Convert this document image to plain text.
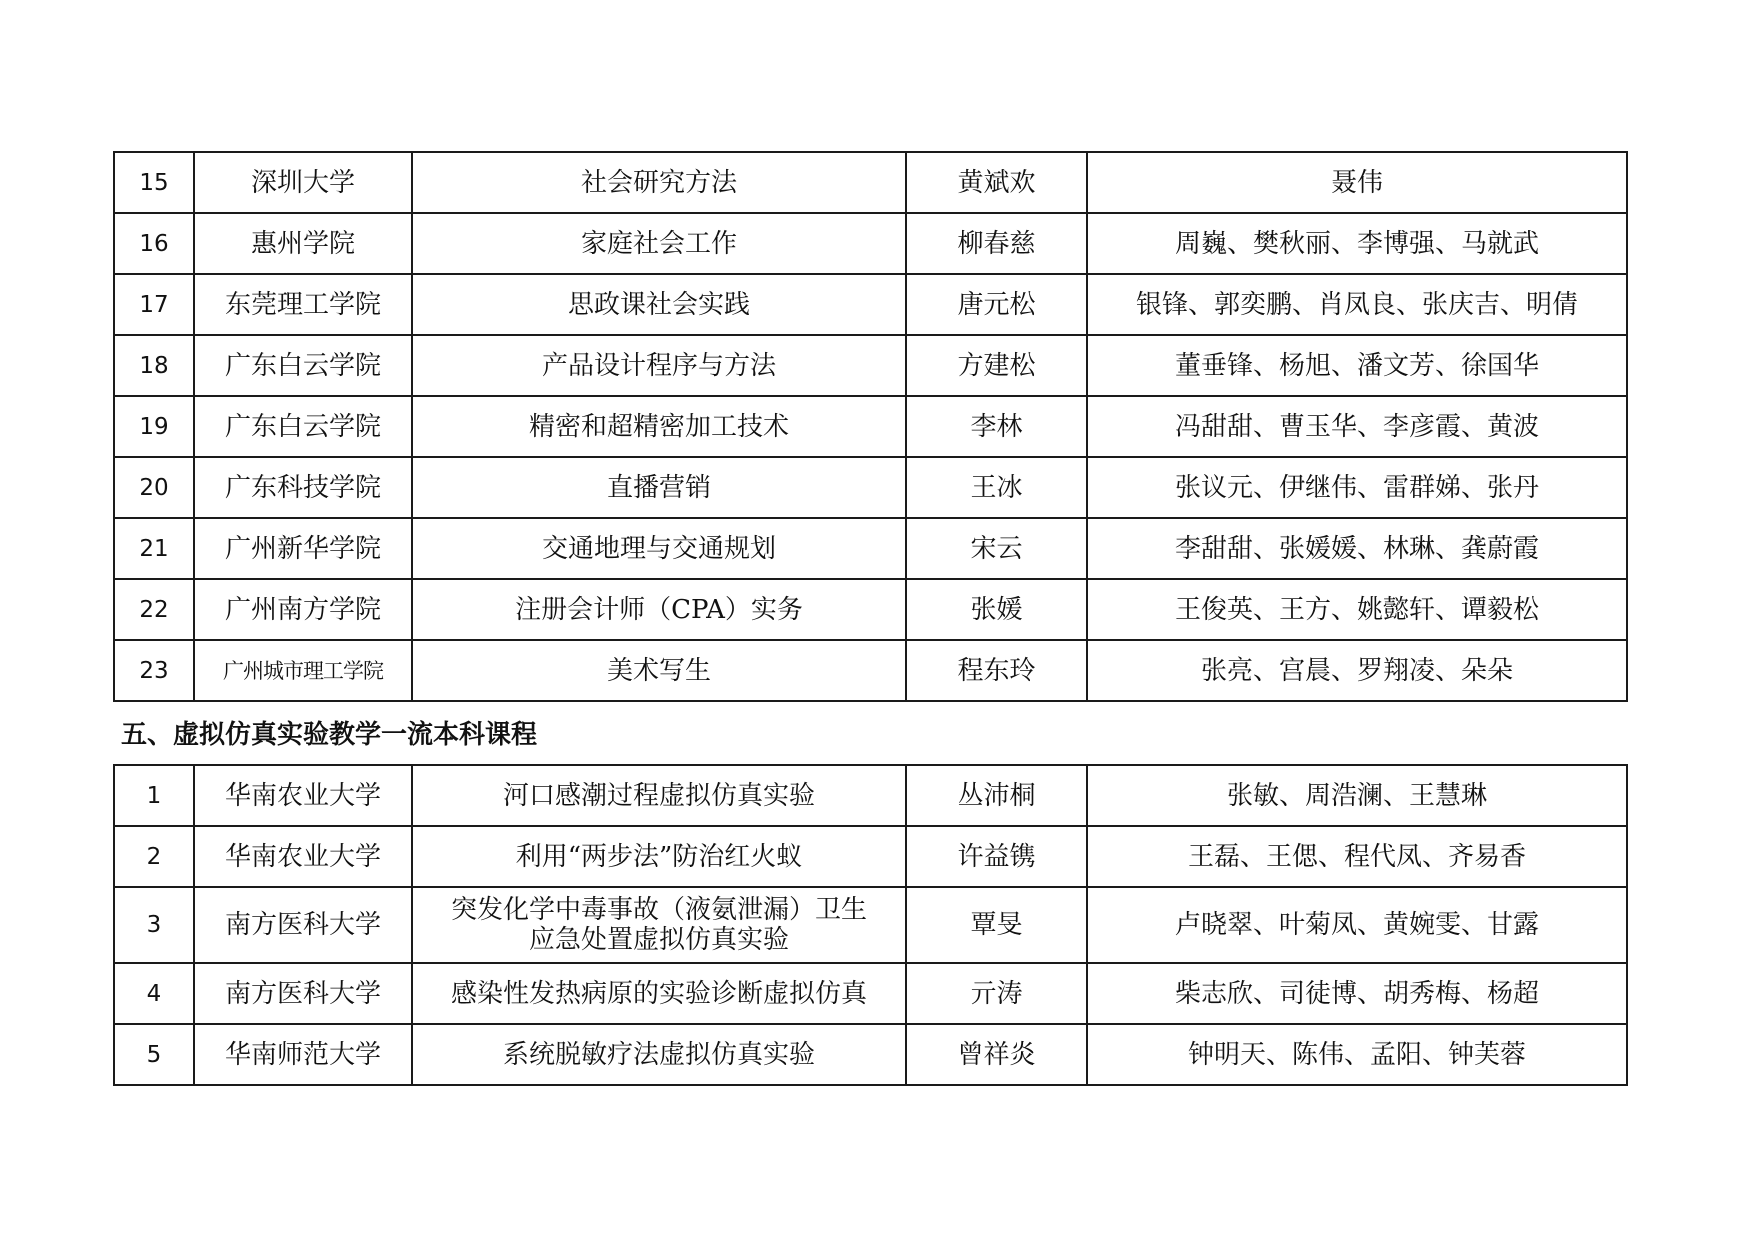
15	深圳大学	社会研究方法	黄斌欢	聂伟
16	惠州学院	家庭社会工作	柳春慈	周巍、樊秋丽、李博强、马就武
17	东莞理工学院	思政课社会实践	唐元松	银锋、郭奕鹏、肖凤良、张庆吉、明倩
18	广东白云学院	产品设计程序与方法	方建松	董垂锋、杨旭、潘文芳、徐国华
19	广东白云学院	精密和超精密加工技术	李林	冯甜甜、曹玉华、李彦霞、黄波
20	广东科技学院	直播营销	王冰	张议元、伊继伟、雷群娣、张丹
21	广州新华学院	交通地理与交通规划	宋云	李甜甜、张媛媛、林琳、龚蔚霞
22	广州南方学院	注册会计师（CPA）实务	张媛	王俊英、王方、姚懿轩、谭毅松
23	广州城市理工学院	美术写生	程东玲	张亮、宫晨、罗翔凌、朵朵
五、虚拟仿真实验教学一流本科课程
1	华南农业大学	河口感潮过程虚拟仿真实验	丛沛桐	张敏、周浩澜、王慧琳
2	华南农业大学	利用“两步法”防治红火蚁	许益镌	王磊、王偲、程代凤、齐易香
3	南方医科大学	突发化学中毒事故（液氨泄漏）卫生
应急处置虚拟仿真实验	覃旻	卢晓翠、叶菊凤、黄婉雯、甘露
4	南方医科大学	感染性发热病原的实验诊断虚拟仿真	亓涛	柴志欣、司徒博、胡秀梅、杨超
5	华南师范大学	系统脱敏疗法虚拟仿真实验	曾祥炎	钟明天、陈伟、孟阳、钟芙蓉
